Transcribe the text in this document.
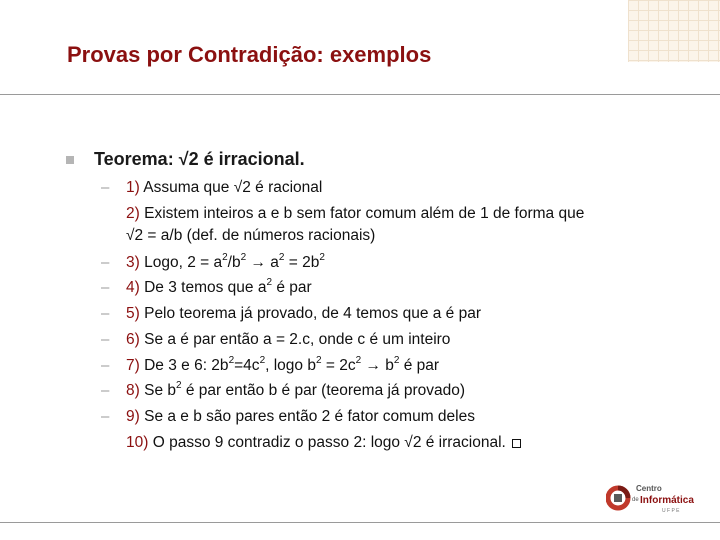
Provas por Contradição: exemplos
Teorema: √2 é irracional.
– 1) Assuma que √2 é racional
2) Existem inteiros a e b sem fator comum além de 1 de forma que
√2 = a/b (def. de números racionais)
– 3) Logo, $2 = a^2/b^2 \to a^2 = 2b^2$
– 4) De 3 temos que $a^2$ é par
– 5) Pelo teorema já provado, de 4 temos que a é par
– 6) Se a é par então a = 2.c, onde c é um inteiro
– 7) De 3 e 6: $2b^2=4c^2$, logo $b^2 = 2c^2 \to b^2$ é par
– 8) Se $b^2$ é par então b é par (teorema já provado)
– 9) Se a e b são pares então 2 é fator comum deles
10) O passo 9 contradiz o passo 2: logo √2 é irracional.
Centro
de Informática
U F P E
